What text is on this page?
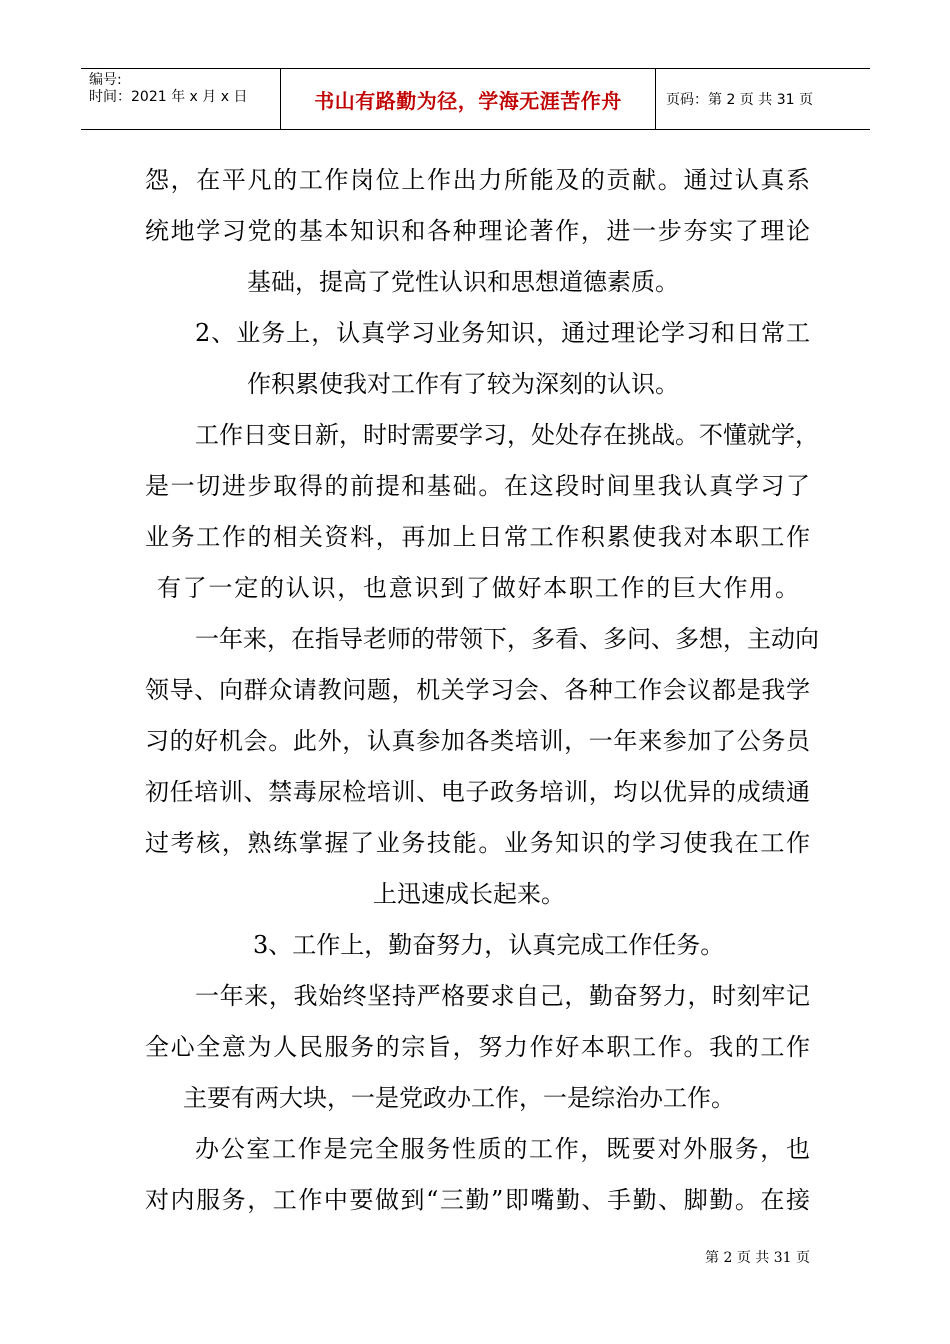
编号:
时间：2021 年 x 月 x 日	书山有路勤为径，学海无涯苦作舟	页码：第 2 页 共 31 页
怨，在平凡的工作岗位上作出力所能及的贡献。通过认真系
统地学习党的基本知识和各种理论著作，进一步夯实了理论
基础，提高了党性认识和思想道德素质。
2、业务上，认真学习业务知识，通过理论学习和日常工
作积累使我对工作有了较为深刻的认识。
工作日变日新，时时需要学习，处处存在挑战。不懂就学，
是一切进步取得的前提和基础。在这段时间里我认真学习了
业务工作的相关资料，再加上日常工作积累使我对本职工作
有了一定的认识，也意识到了做好本职工作的巨大作用。
一年来，在指导老师的带领下，多看、多问、多想，主动向
领导、向群众请教问题，机关学习会、各种工作会议都是我学
习的好机会。此外，认真参加各类培训，一年来参加了公务员
初任培训、禁毒尿检培训、电子政务培训，均以优异的成绩通
过考核，熟练掌握了业务技能。业务知识的学习使我在工作
上迅速成长起来。
3、工作上，勤奋努力，认真完成工作任务。
一年来，我始终坚持严格要求自己，勤奋努力，时刻牢记
全心全意为人民服务的宗旨，努力作好本职工作。我的工作
主要有两大块，一是党政办工作，一是综治办工作。
办公室工作是完全服务性质的工作，既要对外服务，也
对内服务，工作中要做到“三勤”即嘴勤、手勤、脚勤。在接
第 2 页 共 31 页
